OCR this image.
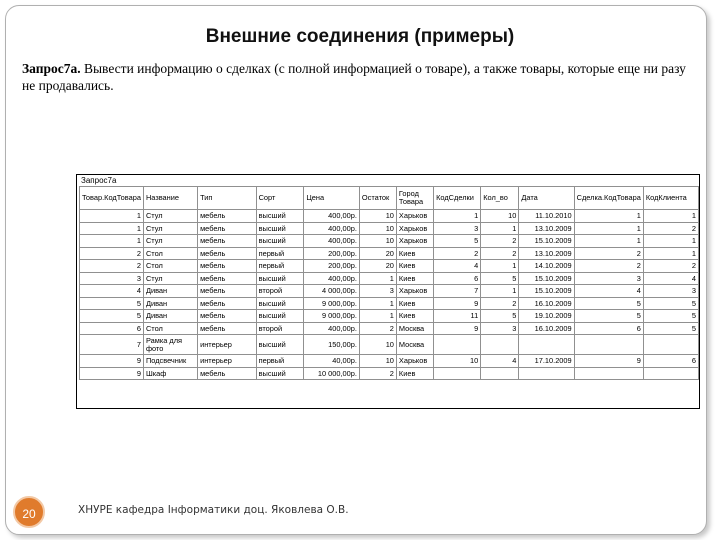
Внешние соединения (примеры)
Запрос7а. Вывести информацию о сделках (с полной информацией о товаре), а также товары, которые еще ни разу не продавались.
Запрос7а
Товар.КодТовара	Название	Тип	Сорт	Цена	Остаток	Город Товара	КодСделки	Кол_во	Дата	Сделка.КодТовара	КодКлиента
1	Стул	мебель	высший	400,00р.	10	Харьков	1	10	11.10.2010	1	1
1	Стул	мебель	высший	400,00р.	10	Харьков	3	1	13.10.2009	1	2
1	Стул	мебель	высший	400,00р.	10	Харьков	5	2	15.10.2009	1	1
2	Стол	мебель	первый	200,00р.	20	Киев	2	2	13.10.2009	2	1
2	Стол	мебель	первый	200,00р.	20	Киев	4	1	14.10.2009	2	2
3	Стул	мебель	высший	400,00р.	1	Киев	6	5	15.10.2009	3	4
4	Диван	мебель	второй	4 000,00р.	3	Харьков	7	1	15.10.2009	4	3
5	Диван	мебель	высший	9 000,00р.	1	Киев	9	2	16.10.2009	5	5
5	Диван	мебель	высший	9 000,00р.	1	Киев	11	5	19.10.2009	5	5
6	Стол	мебель	второй	400,00р.	2	Москва	9	3	16.10.2009	6	5
7	Рамка для фото	интерьер	высший	150,00р.	10	Москва					
9	Подсвечник	интерьер	первый	40,00р.	10	Харьков	10	4	17.10.2009	9	6
9	Шкаф	мебель	высший	10 000,00р.	2	Киев					
20	ХНУРЕ кафедра Інформатики доц. Яковлева О.В.
